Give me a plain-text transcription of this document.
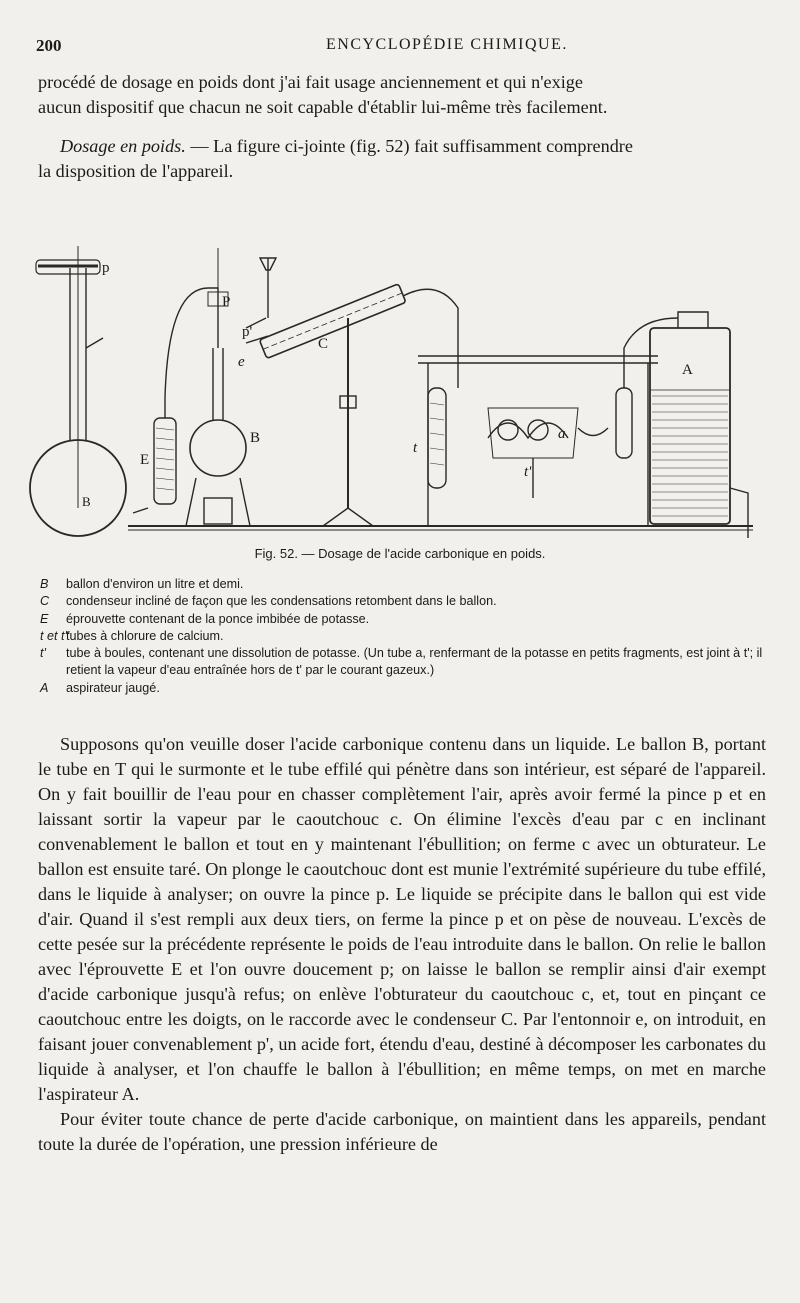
200	ENCYCLOPÉDIE CHIMIQUE.

procédé de dosage en poids dont j'ai fait usage anciennement et qui n'exige

aucun dispositif que chacun ne soit capable d'établir lui-même très facilement.

Dosage en poids. — La figure ci-jointe (fig. 52) fait suffisamment comprendre

la disposition de l'appareil.

p
P
p'
e
C
E
B
B
t
t'
a
A
Fig. 52. — Dosage de l'acide carbonique en poids.
B ballon d'environ un litre et demi.
C condenseur incliné de façon que les condensations retombent dans le ballon.
E éprouvette contenant de la ponce imbibée de potasse.
t et t''
tubes à chlorure de calcium.
t' tube à boules, contenant une dissolution de potasse. (Un tube a, renfermant de la potasse en petits fragments, est joint à t'; il retient la vapeur d'eau entraînée hors de t' par le courant gazeux.)
A aspirateur jaugé.

Supposons qu'on veuille doser l'acide carbonique contenu dans un liquide. Le ballon B, portant le tube en T qui le surmonte et le tube effilé qui pénètre dans son intérieur, est séparé de l'appareil. On y fait bouillir de l'eau pour en chasser complètement l'air, après avoir fermé la pince p et en laissant sortir la vapeur par le caoutchouc c. On élimine l'excès d'eau par c en inclinant convenablement le ballon et tout en y maintenant l'ébullition; on ferme c avec un obturateur. Le ballon est ensuite taré. On plonge le caoutchouc dont est munie l'extrémité supérieure du tube effilé, dans le liquide à analyser; on ouvre la pince p. Le liquide se précipite dans le ballon qui est vide d'air. Quand il s'est rempli aux deux tiers, on ferme la pince p et on pèse de nouveau. L'excès de cette pesée sur la précédente représente le poids de l'eau introduite dans le ballon. On relie le ballon avec l'éprouvette E et l'on ouvre doucement p; on laisse le ballon se remplir ainsi d'air exempt d'acide carbonique jusqu'à refus; on enlève l'obturateur du caoutchouc c, et, tout en pinçant ce caoutchouc entre les doigts, on le raccorde avec le condenseur C. Par l'entonnoir e, on introduit, en faisant jouer convenablement p', un acide fort, étendu d'eau, destiné à décomposer les carbonates du liquide à analyser, et l'on chauffe le ballon à l'ébullition; en même temps, on met en marche l'aspirateur A.

Pour éviter toute chance de perte d'acide carbonique, on maintient dans les appareils, pendant toute la durée de l'opération, une pression inférieure de
